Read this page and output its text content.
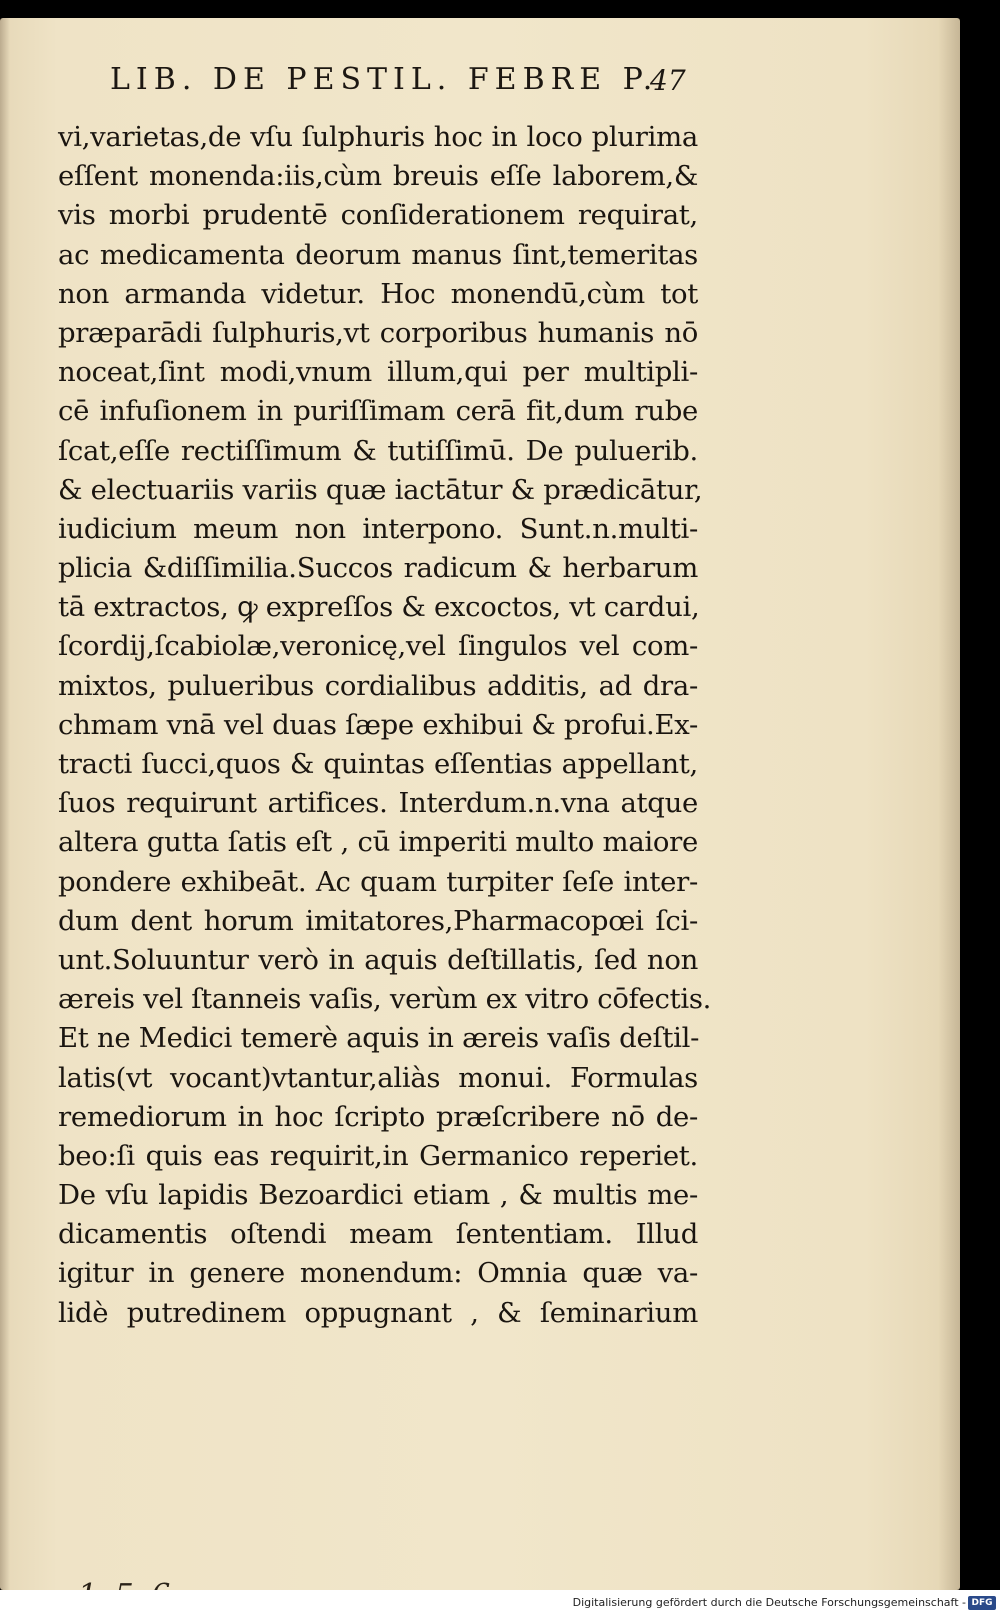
LIB. DE PESTIL. FEBRE P.
47
vi,varietas,de vſu ſulphuris hoc in loco plurima
eſſent monenda:iis,cùm breuis eſſe laborem,&
vis morbi prudentē conſiderationem requirat,
ac medicamenta deorum manus ſint,temeritas
non armanda videtur. Hoc monendū,cùm tot
præparādi ſulphuris,vt corporibus humanis nō
noceat,ſint modi,vnum illum,qui per multipli-
cē infuſionem in puriſſimam cerā fit,dum rube
ſcat,eſſe rectiſſimum & tutiſſimū. De puluerib.
& electuariis variis quæ iactātur & prædicātur,
iudicium meum non interpono. Sunt.n.multi-
plicia &diſſimilia.Succos radicum & herbarum
tā extractos, ꝙ expreſſos & excoctos, vt cardui,
ſcordij,ſcabiolæ,veronicę,vel ſingulos vel com-
mixtos, pulueribus cordialibus additis, ad dra-
chmam vnā vel duas ſæpe exhibui & profui.Ex-
tracti ſucci,quos & quintas eſſentias appellant,
ſuos requirunt artifices. Interdum.n.vna atque
altera gutta ſatis eſt , cū imperiti multo maiore
pondere exhibeāt. Ac quam turpiter ſeſe inter-
dum dent horum imitatores,Pharmacopœi ſci-
unt.Soluuntur verò in aquis deſtillatis, ſed non
æreis vel ſtanneis vaſis, verùm ex vitro cōfectis.
Et ne Medici temerè aquis in æreis vaſis deſtil-
latis(vt vocant)vtantur,aliàs monui. Formulas
remediorum in hoc ſcripto præſcribere nō de-
beo:ſi quis eas requirit,in Germanico reperiet.
De vſu lapidis Bezoardici etiam , & multis me-
dicamentis oſtendi meam ſententiam. Illud
igitur in genere monendum: Omnia quæ va-
lidè putredinem oppugnant , & ſeminarium
Digitalisierung gefördert durch die Deutsche Forschungsgemeinschaft - DFG
